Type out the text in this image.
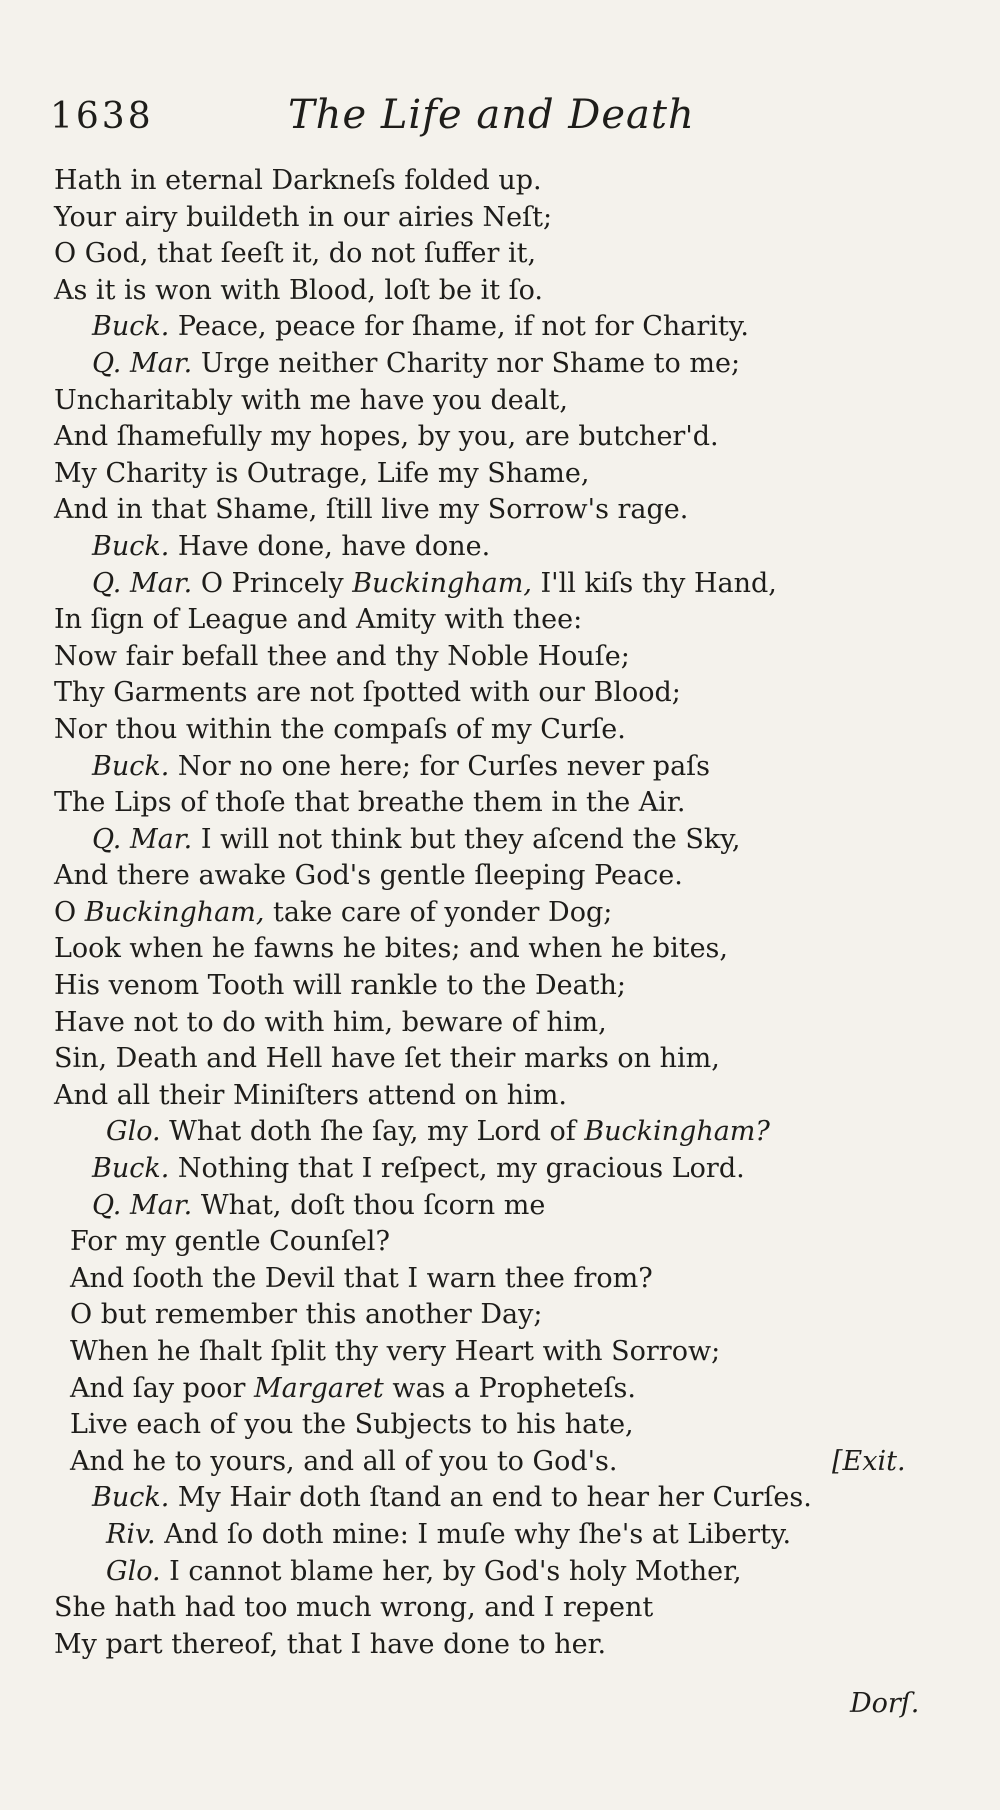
1638	The Life and Death
Hath in eternal Darkneſs folded up.
Your airy buildeth in our airies Neſt;
O God, that ſeeſt it, do not ſuffer it,
As it is won with Blood, loſt be it ſo.
Buck. Peace, peace for ſhame, if not for Charity.
Q. Mar. Urge neither Charity nor Shame to me;
Uncharitably with me have you dealt,
And ſhamefully my hopes, by you, are butcher'd.
My Charity is Outrage, Life my Shame,
And in that Shame, ſtill live my Sorrow's rage.
Buck. Have done, have done.
Q. Mar. O Princely Buckingham, I'll kiſs thy Hand,
In ſign of League and Amity with thee:
Now fair befall thee and thy Noble Houſe;
Thy Garments are not ſpotted with our Blood;
Nor thou within the compaſs of my Curſe.
Buck. Nor no one here; for Curſes never paſs
The Lips of thoſe that breathe them in the Air.
Q. Mar. I will not think but they aſcend the Sky,
And there awake God's gentle ſleeping Peace.
O Buckingham, take care of yonder Dog;
Look when he fawns he bites; and when he bites,
His venom Tooth will rankle to the Death;
Have not to do with him, beware of him,
Sin, Death and Hell have ſet their marks on him,
And all their Miniſters attend on him.
Glo. What doth ſhe ſay, my Lord of Buckingham?
Buck. Nothing that I reſpect, my gracious Lord.
Q. Mar. What, doſt thou ſcorn me
For my gentle Counſel?
And ſooth the Devil that I warn thee from?
O but remember this another Day;
When he ſhalt ſplit thy very Heart with Sorrow;
And ſay poor Margaret was a Propheteſs.
Live each of you the Subjects to his hate,
And he to yours, and all of you to God's.	[Exit.
Buck. My Hair doth ſtand an end to hear her Curſes.
Riv. And ſo doth mine: I muſe why ſhe's at Liberty.
Glo. I cannot blame her, by God's holy Mother,
She hath had too much wrong, and I repent
My part thereof, that I have done to her.
Dorſ.
